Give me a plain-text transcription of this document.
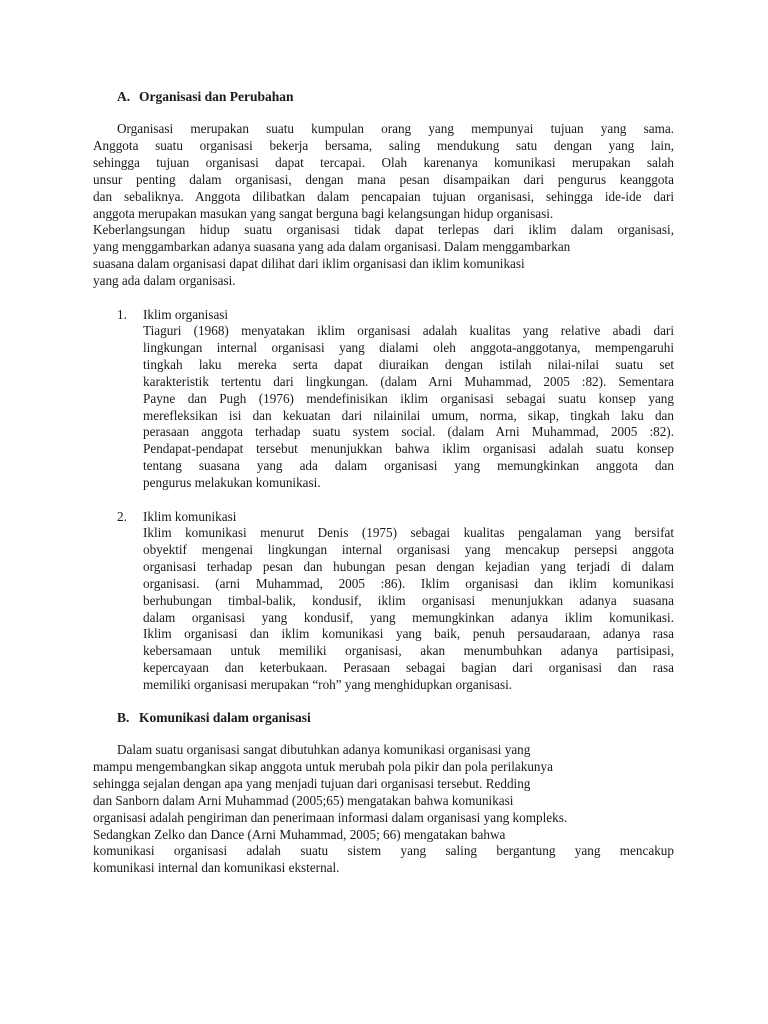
A. Organisasi dan Perubahan
Organisasi merupakan suatu kumpulan orang yang mempunyai tujuan yang sama.
Anggota suatu organisasi bekerja bersama, saling mendukung satu dengan yang lain,
sehingga tujuan organisasi dapat tercapai. Olah karenanya komunikasi merupakan salah
unsur penting dalam organisasi, dengan mana pesan disampaikan dari pengurus keanggota
dan sebaliknya. Anggota dilibatkan dalam pencapaian tujuan organisasi, sehingga ide-ide dari
anggota merupakan masukan yang sangat berguna bagi kelangsungan hidup organisasi.
Keberlangsungan hidup suatu organisasi tidak dapat terlepas dari iklim dalam organisasi,
yang menggambarkan adanya suasana yang ada dalam organisasi. Dalam menggambarkan
suasana dalam organisasi dapat dilihat dari iklim organisasi dan iklim komunikasi
yang ada dalam organisasi.
1. Iklim organisasi
Tiaguri (1968) menyatakan iklim organisasi adalah kualitas yang relative abadi dari
lingkungan internal organisasi yang dialami oleh anggota-anggotanya, mempengaruhi
tingkah laku mereka serta dapat diuraikan dengan istilah nilai-nilai suatu set
karakteristik tertentu dari lingkungan. (dalam Arni Muhammad, 2005 :82). Sementara
Payne dan Pugh (1976) mendefinisikan iklim organisasi sebagai suatu konsep yang
merefleksikan isi dan kekuatan dari nilainilai umum, norma, sikap, tingkah laku dan
perasaan anggota terhadap suatu system social. (dalam Arni Muhammad, 2005 :82).
Pendapat-pendapat tersebut menunjukkan bahwa iklim organisasi adalah suatu konsep
tentang suasana yang ada dalam organisasi yang memungkinkan anggota dan
pengurus melakukan komunikasi.
2. Iklim komunikasi
Iklim komunikasi menurut Denis (1975) sebagai kualitas pengalaman yang bersifat
obyektif mengenai lingkungan internal organisasi yang mencakup persepsi anggota
organisasi terhadap pesan dan hubungan pesan dengan kejadian yang terjadi di dalam
organisasi. (arni Muhammad, 2005 :86). Iklim organisasi dan iklim komunikasi
berhubungan timbal-balik, kondusif, iklim organisasi menunjukkan adanya suasana
dalam organisasi yang kondusif, yang memungkinkan adanya iklim komunikasi.
Iklim organisasi dan iklim komunikasi yang baik, penuh persaudaraan, adanya rasa
kebersamaan untuk memiliki organisasi, akan menumbuhkan adanya partisipasi,
kepercayaan dan keterbukaan. Perasaan sebagai bagian dari organisasi dan rasa
memiliki organisasi merupakan “roh” yang menghidupkan organisasi.
B. Komunikasi dalam organisasi
Dalam suatu organisasi sangat dibutuhkan adanya komunikasi organisasi yang
mampu mengembangkan sikap anggota untuk merubah pola pikir dan pola perilakunya
sehingga sejalan dengan apa yang menjadi tujuan dari organisasi tersebut. Redding
dan Sanborn dalam Arni Muhammad (2005;65) mengatakan bahwa komunikasi
organisasi adalah pengiriman dan penerimaan informasi dalam organisasi yang kompleks.
Sedangkan Zelko dan Dance (Arni Muhammad, 2005; 66) mengatakan bahwa
komunikasi organisasi adalah suatu sistem yang saling bergantung yang mencakup
komunikasi internal dan komunikasi eksternal.
